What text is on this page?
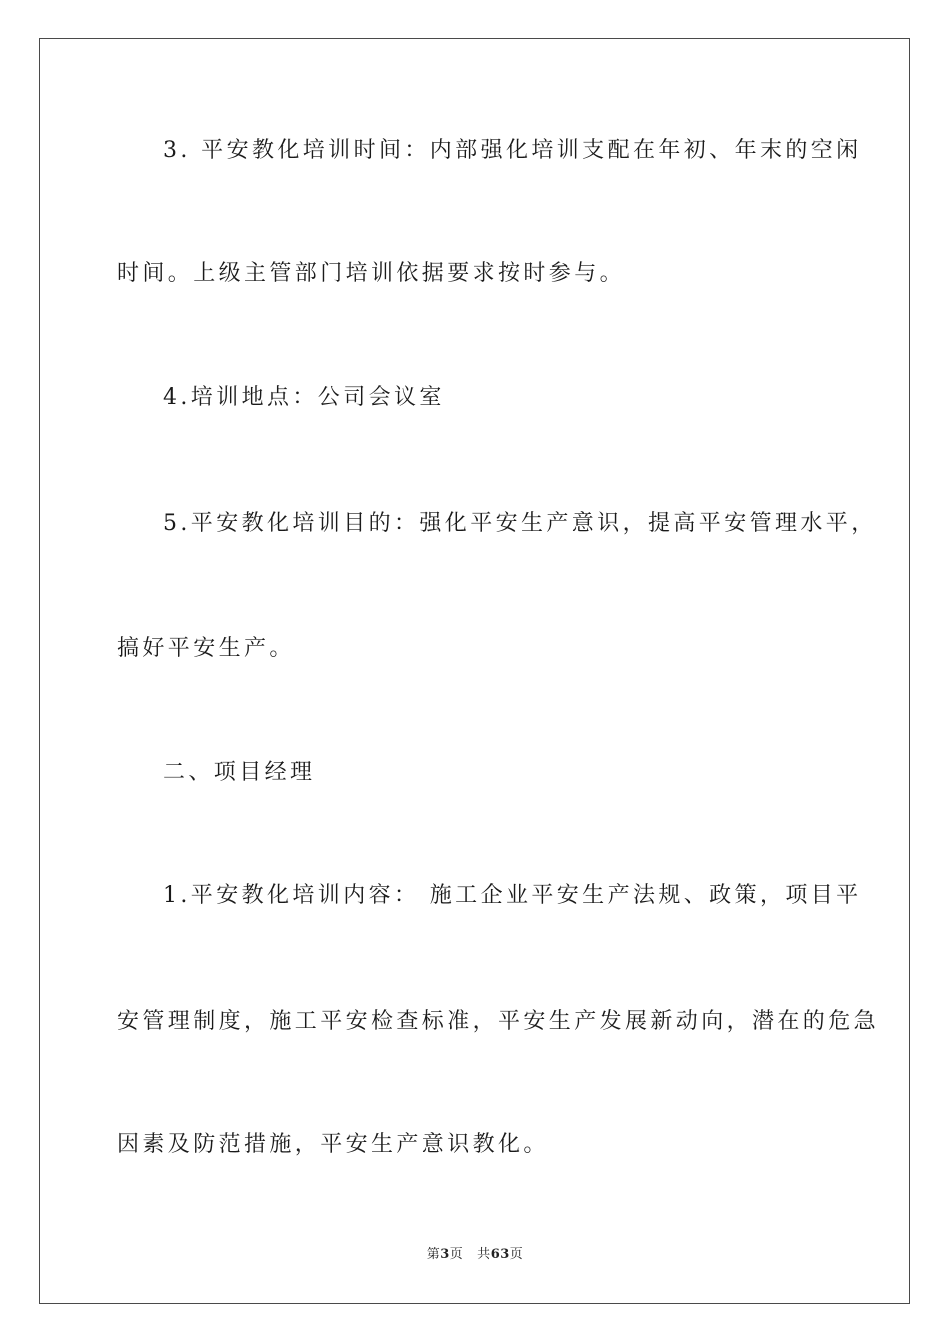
3. 平安教化培训时间：内部强化培训支配在年初、年末的空闲
时间。上级主管部门培训依据要求按时参与。
4.培训地点：公司会议室
5.平安教化培训目的：强化平安生产意识，提高平安管理水平，
搞好平安生产。
二、项目经理
1.平安教化培训内容： 施工企业平安生产法规、政策，项目平
安管理制度，施工平安检查标准，平安生产发展新动向，潜在的危急
因素及防范措施，平安生产意识教化。
第3页 共63页
